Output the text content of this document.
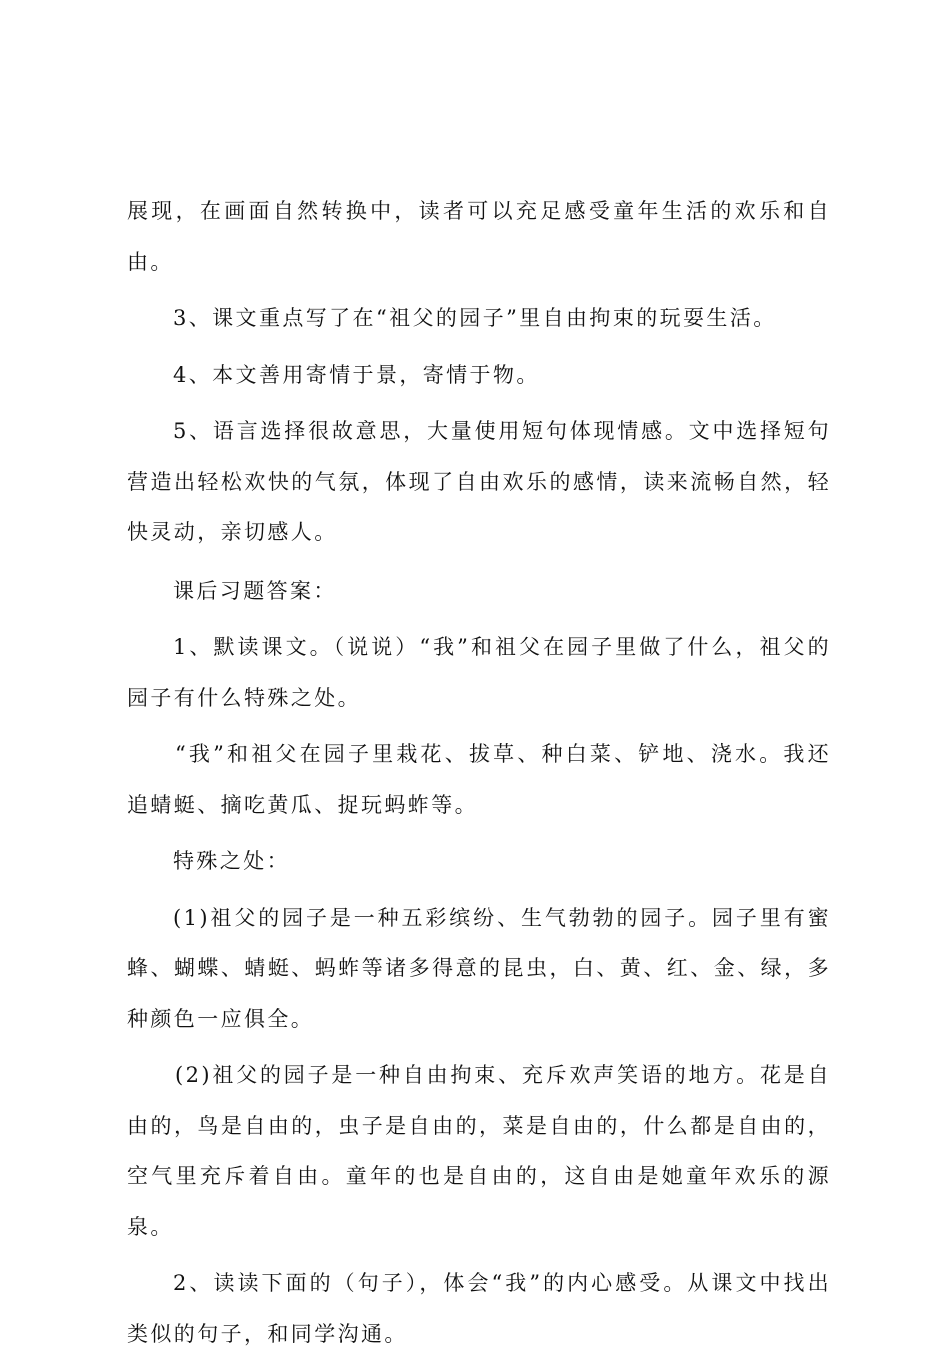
展现，在画面自然转换中，读者可以充足感受童年生活的欢乐和自由。

3、课文重点写了在“祖父的园子”里自由拘束的玩耍生活。

4、本文善用寄情于景，寄情于物。

5、语言选择很故意思，大量使用短句体现情感。文中选择短句营造出轻松欢快的气氛，体现了自由欢乐的感情，读来流畅自然，轻快灵动，亲切感人。

课后习题答案：

1、默读课文。（说说）“我”和祖父在园子里做了什么，祖父的园子有什么特殊之处。

“我”和祖父在园子里栽花、拔草、种白菜、铲地、浇水。我还追蜻蜓、摘吃黄瓜、捉玩蚂蚱等。

特殊之处：

(1)祖父的园子是一种五彩缤纷、生气勃勃的园子。园子里有蜜蜂、蝴蝶、蜻蜓、蚂蚱等诸多得意的昆虫，白、黄、红、金、绿，多种颜色一应俱全。

(2)祖父的园子是一种自由拘束、充斥欢声笑语的地方。花是自由的，鸟是自由的，虫子是自由的，菜是自由的，什么都是自由的，空气里充斥着自由。童年的也是自由的，这自由是她童年欢乐的源泉。

2、读读下面的（句子），体会“我”的内心感受。从课文中找出类似的句子，和同学沟通。
